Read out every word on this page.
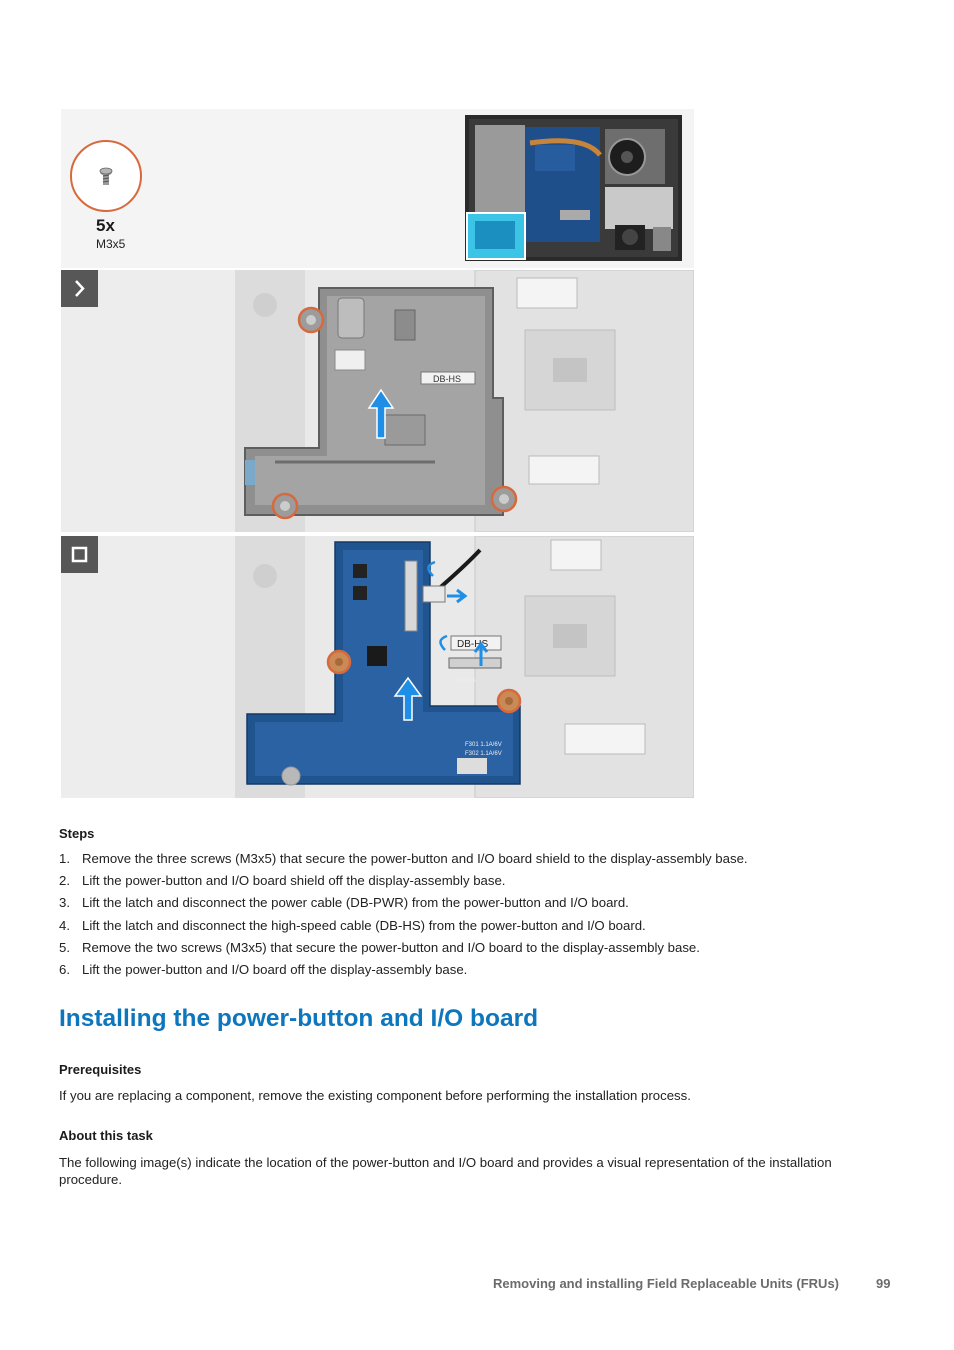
5x
M3x5
DB-HS
DB-HS
DB-HS
F301 1.1A/6V
F302 1.1A/6V
Steps
1. Remove the three screws (M3x5) that secure the power-button and I/O board shield to the display-assembly base.
2. Lift the power-button and I/O board shield off the display-assembly base.
3. Lift the latch and disconnect the power cable (DB-PWR) from the power-button and I/O board.
4. Lift the latch and disconnect the high-speed cable (DB-HS) from the power-button and I/O board.
5. Remove the two screws (M3x5) that secure the power-button and I/O board to the display-assembly base.
6. Lift the power-button and I/O board off the display-assembly base.
Installing the power-button and I/O board
Prerequisites

If you are replacing a component, remove the existing component before performing the installation process.

About this task

The following image(s) indicate the location of the power-button and I/O board and provides a visual representation of the installation procedure.

Removing and installing Field Replaceable Units (FRUs)	99
